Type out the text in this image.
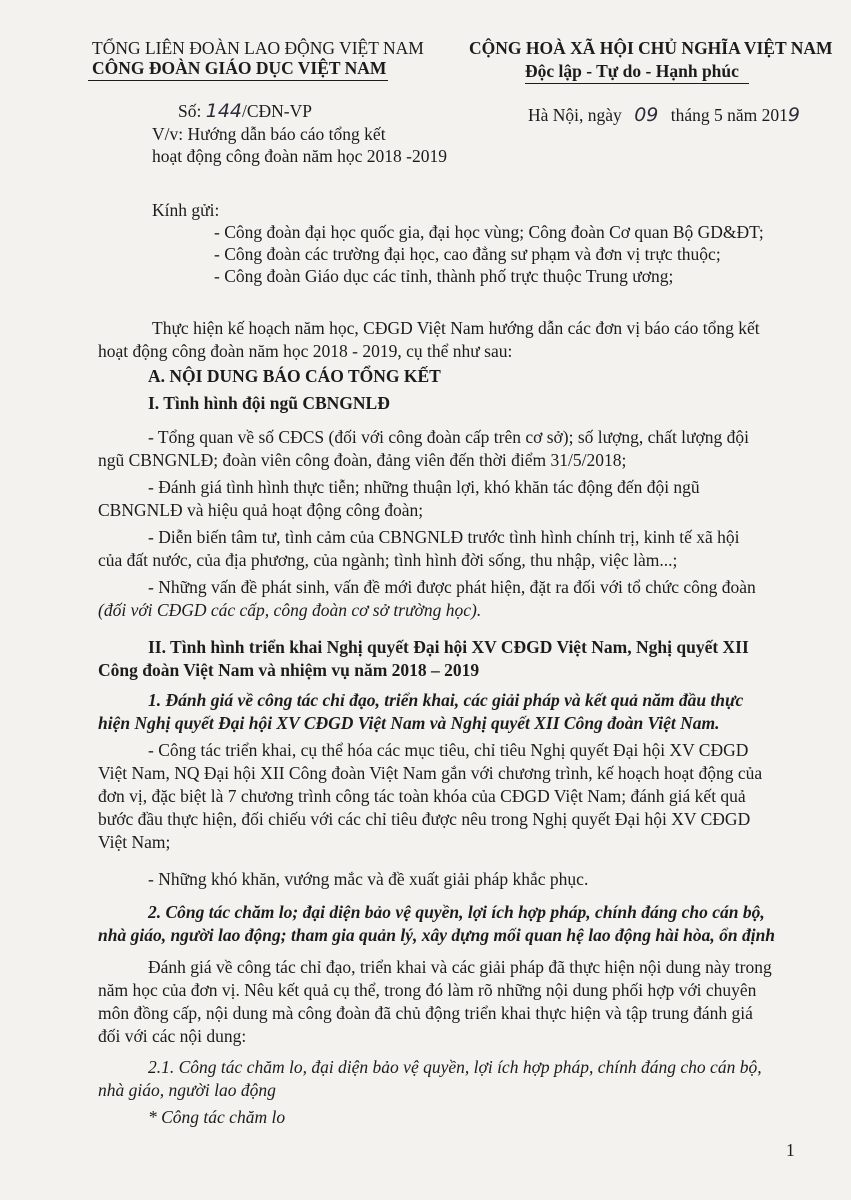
TỔNG LIÊN ĐOÀN LAO ĐỘNG VIỆT NAM
CÔNG ĐOÀN GIÁO DỤC VIỆT NAM
CỘNG HOÀ XÃ HỘI CHỦ NGHĨA VIỆT NAM
Độc lập - Tự do - Hạnh phúc
Số: 144/CĐN-VP	Hà Nội, ngày 09 tháng 5 năm 2019
V/v: Hướng dẫn báo cáo tổng kết
hoạt động công đoàn năm học 2018 -2019
Kính gửi:
- Công đoàn đại học quốc gia, đại học vùng; Công đoàn Cơ quan Bộ GD&ĐT;
- Công đoàn các trường đại học, cao đẳng sư phạm và đơn vị trực thuộc;
- Công đoàn Giáo dục các tỉnh, thành phố trực thuộc Trung ương;
Thực hiện kế hoạch năm học, CĐGD Việt Nam hướng dẫn các đơn vị báo cáo tổng kết
hoạt động công đoàn năm học 2018 - 2019, cụ thể như sau:
A. NỘI DUNG BÁO CÁO TỔNG KẾT
I. Tình hình đội ngũ CBNGNLĐ
- Tổng quan về số CĐCS (đối với công đoàn cấp trên cơ sở); số lượng, chất lượng đội
ngũ CBNGNLĐ; đoàn viên công đoàn, đảng viên đến thời điểm 31/5/2018;
- Đánh giá tình hình thực tiễn; những thuận lợi, khó khăn tác động đến đội ngũ
CBNGNLĐ và hiệu quả hoạt động công đoàn;
- Diễn biến tâm tư, tình cảm của CBNGNLĐ trước tình hình chính trị, kinh tế xã hội
của đất nước, của địa phương, của ngành; tình hình đời sống, thu nhập, việc làm...;
- Những vấn đề phát sinh, vấn đề mới được phát hiện, đặt ra đối với tổ chức công đoàn
(đối với CĐGD các cấp, công đoàn cơ sở trường học).
II. Tình hình triển khai Nghị quyết Đại hội XV CĐGD Việt Nam, Nghị quyết XII
Công đoàn Việt Nam và nhiệm vụ năm 2018 – 2019
1. Đánh giá về công tác chỉ đạo, triển khai, các giải pháp và kết quả năm đầu thực
hiện Nghị quyết Đại hội XV CĐGD Việt Nam và Nghị quyết XII Công đoàn Việt Nam.
- Công tác triển khai, cụ thể hóa các mục tiêu, chỉ tiêu Nghị quyết Đại hội XV CĐGD
Việt Nam, NQ Đại hội XII Công đoàn Việt Nam gắn với chương trình, kế hoạch hoạt động của
đơn vị, đặc biệt là 7 chương trình công tác toàn khóa của CĐGD Việt Nam; đánh giá kết quả
bước đầu thực hiện, đối chiếu với các chỉ tiêu được nêu trong Nghị quyết Đại hội XV CĐGD
Việt Nam;
- Những khó khăn, vướng mắc và đề xuất giải pháp khắc phục.
2. Công tác chăm lo; đại diện bảo vệ quyền, lợi ích hợp pháp, chính đáng cho cán bộ,
nhà giáo, người lao động; tham gia quản lý, xây dựng mối quan hệ lao động hài hòa, ổn định
Đánh giá về công tác chỉ đạo, triển khai và các giải pháp đã thực hiện nội dung này trong
năm học của đơn vị. Nêu kết quả cụ thể, trong đó làm rõ những nội dung phối hợp với chuyên
môn đồng cấp, nội dung mà công đoàn đã chủ động triển khai thực hiện và tập trung đánh giá
đối với các nội dung:
2.1. Công tác chăm lo, đại diện bảo vệ quyền, lợi ích hợp pháp, chính đáng cho cán bộ,
nhà giáo, người lao động
* Công tác chăm lo
1
